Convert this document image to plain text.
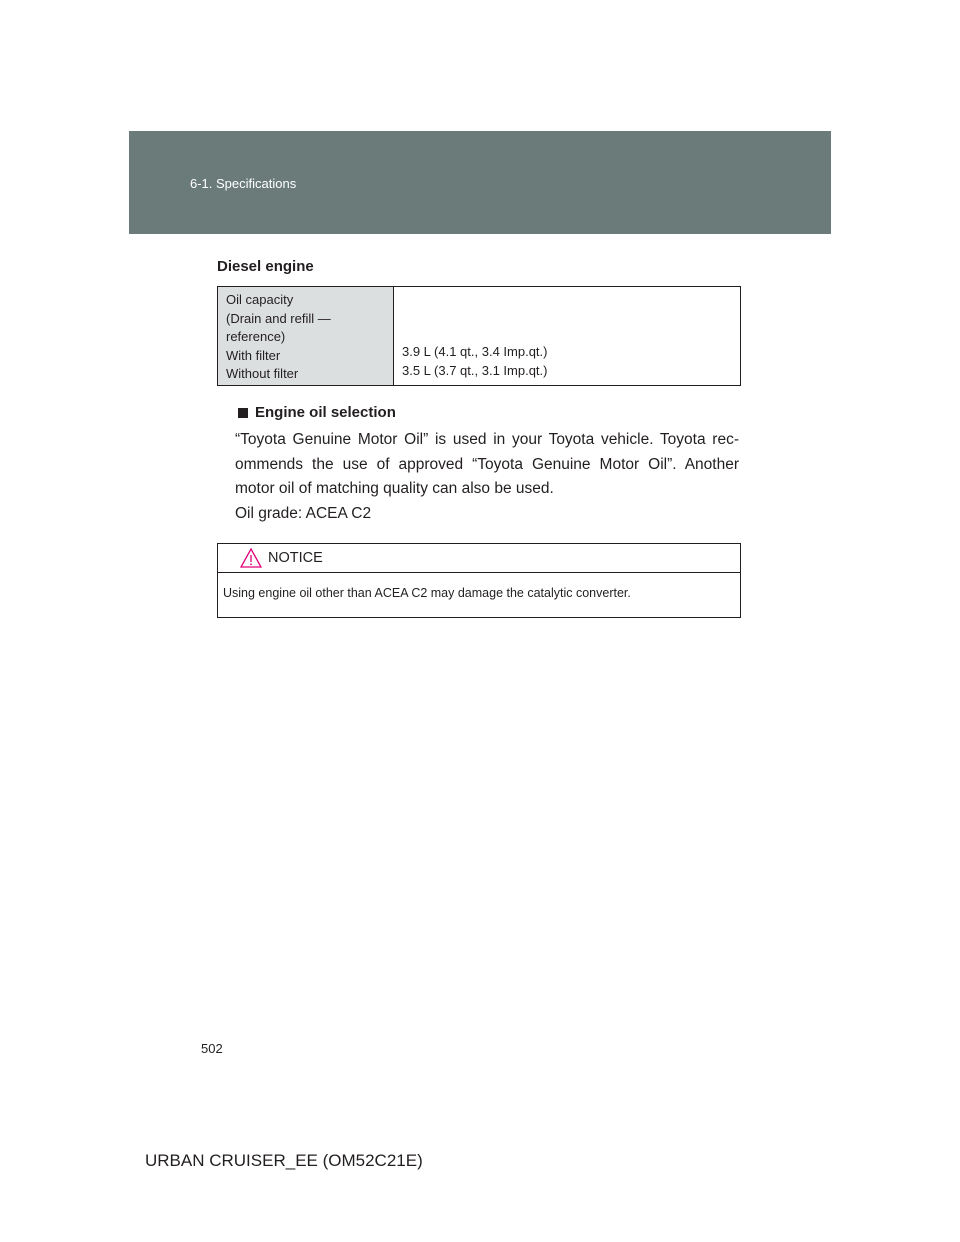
6-1. Specifications
Diesel engine
Oil capacity
(Drain and refill —
reference)
With filter
Without filter
3.9 L (4.1 qt., 3.4 Imp.qt.)
3.5 L (3.7 qt., 3.1 Imp.qt.)
Engine oil selection
“Toyota Genuine Motor Oil” is used in your Toyota vehicle. Toyota rec-ommends the use of approved “Toyota Genuine Motor Oil”. Another motor oil of matching quality can also be used.
Oil grade: ACEA C2
NOTICE
Using engine oil other than ACEA C2 may damage the catalytic converter.
502
URBAN CRUISER_EE (OM52C21E)
